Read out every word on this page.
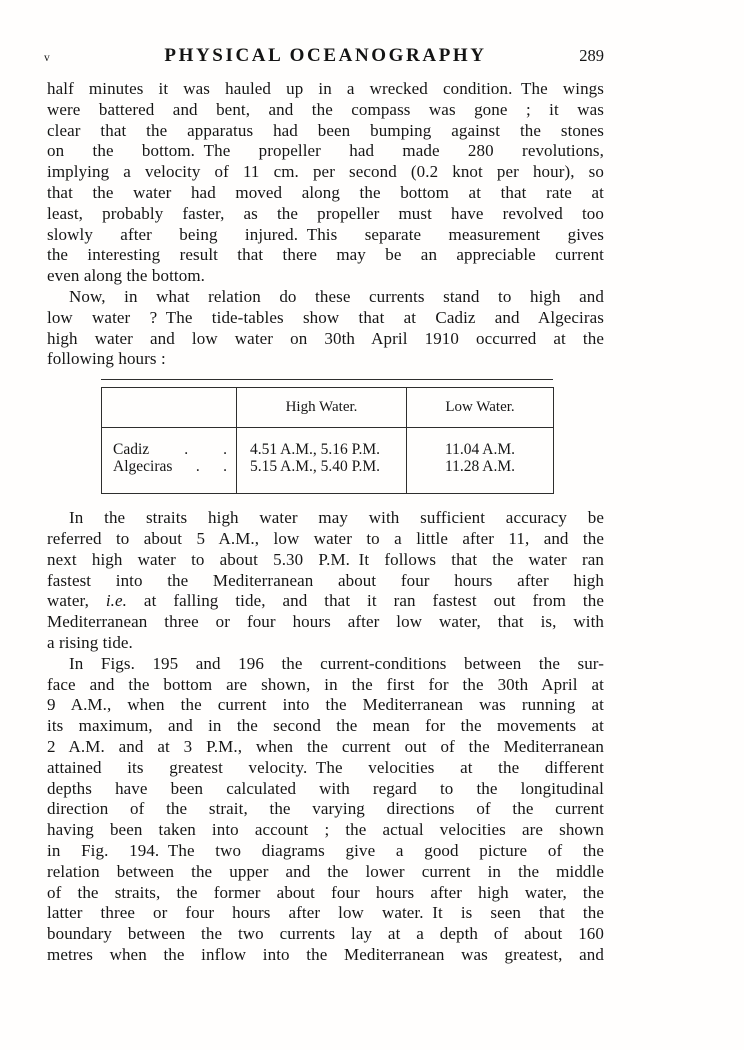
v	PHYSICAL OCEANOGRAPHY	289
half minutes it was hauled up in a wrecked condition. The wings
were battered and bent, and the compass was gone ; it was
clear that the apparatus had been bumping against the stones
on the bottom. The propeller had made 280 revolutions,
implying a velocity of 11 cm. per second (0.2 knot per hour), so
that the water had moved along the bottom at that rate at
least, probably faster, as the propeller must have revolved too
slowly after being injured. This separate measurement gives
the interesting result that there may be an appreciable current
even along the bottom.
Now, in what relation do these currents stand to high and
low water ? The tide-tables show that at Cadiz and Algeciras
high water and low water on 30th April 1910 occurred at the
following hours :
	High Water.	Low Water.

Cadiz . .	4.51 A.M., 5.16 P.M.	11.04 A.M.

Algeciras . .	5.15 A.M., 5.40 P.M.	11.28 A.M.
In the straits high water may with sufficient accuracy be
referred to about 5 A.M., low water to a little after 11, and the
next high water to about 5.30 P.M. It follows that the water ran
fastest into the Mediterranean about four hours after high
water, i.e. at falling tide, and that it ran fastest out from the
Mediterranean three or four hours after low water, that is, with
a rising tide.
In Figs. 195 and 196 the current-conditions between the sur-
face and the bottom are shown, in the first for the 30th April at
9 A.M., when the current into the Mediterranean was running at
its maximum, and in the second the mean for the movements at
2 A.M. and at 3 P.M., when the current out of the Mediterranean
attained its greatest velocity. The velocities at the different
depths have been calculated with regard to the longitudinal
direction of the strait, the varying directions of the current
having been taken into account ; the actual velocities are shown
in Fig. 194. The two diagrams give a good picture of the
relation between the upper and the lower current in the middle
of the straits, the former about four hours after high water, the
latter three or four hours after low water. It is seen that the
boundary between the two currents lay at a depth of about 160
metres when the inflow into the Mediterranean was greatest, and
